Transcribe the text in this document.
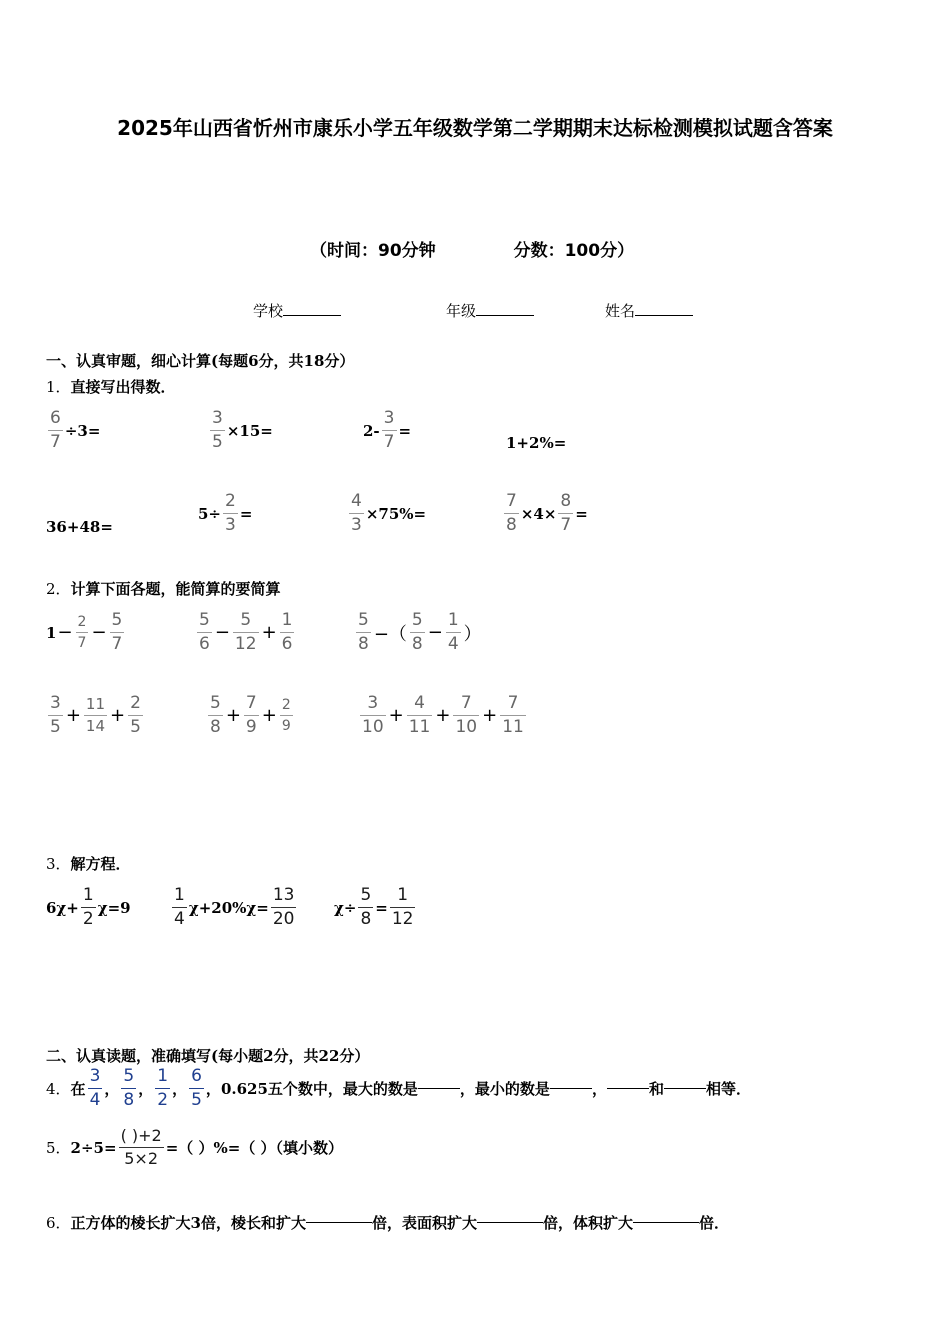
2025年山西省忻州市康乐小学五年级数学第二学期期末达标检测模拟试题含答案
（时间：90分钟	分数：100分）
学校	年级	姓名
一、认真审题，细心计算(每题6分，共18分）
1．直接写出得数．
$\frac{6}{7} \div 3=$	$\frac{3}{5} \times 15=$	$2- \frac{3}{7}$ =
1+2%=
36+48=
$5\div \frac{2}{3}$ =	$\frac{4}{3} \times 75\%=$	$\frac{7}{8} \times 4\times \frac{8}{7}$ =
2．计算下面各题，能简算的要简算
$1 - \frac{2}{7} - \frac{5}{7}$	$\frac{5}{6} - \frac{5}{12} + \frac{1}{6}$	$\frac{5}{8}$ −（ $\frac{5}{8} - \frac{1}{4}$ ）
$\frac{3}{5} + \frac{11}{14} + \frac{2}{5}$	$\frac{5}{8} + \frac{7}{9} + \frac{2}{9}$	$\frac{3}{10} + \frac{4}{11} + \frac{7}{10} + \frac{7}{11}$
3．解方程．
$6\chi+ \frac{1}{2} \chi=9 \frac{1}{4} \chi+20\%\chi= \frac{13}{20}$	$\chi\div \frac{5}{8} = \frac{1}{12}$
二、认真读题，准确填写(每小题2分，共22分）
4． 在 $\frac{3}{4}$ ， $\frac{5}{8}$ ， $\frac{1}{2}$ ， $\frac{6}{5}$ ， 0.625五个数中，最大的数是	，最小的数是	，	和	相等．
5． $2\div 5= \frac{( )+2}{5\times 2}$ =（ ）%=（ ）（填小数）
6． 正方体的棱长扩大3倍，棱长和扩大	倍，表面积扩大	倍，体积扩大	倍．
